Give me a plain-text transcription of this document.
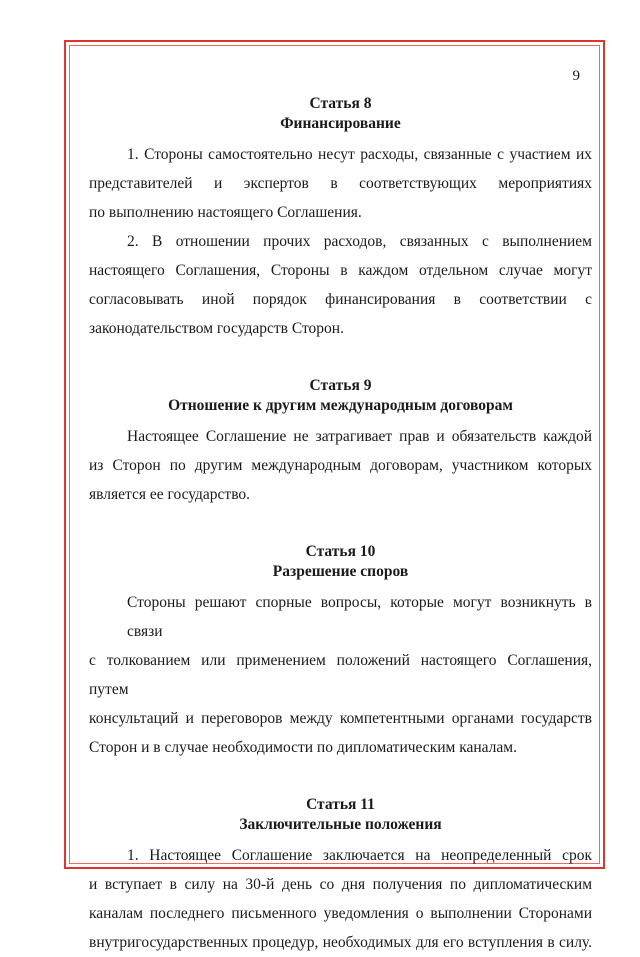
9

Статья 8

Финансирование

1. Стороны самостоятельно несут расходы, связанные с участием их
представителей и экспертов в соответствующих мероприятиях
по выполнению настоящего Соглашения.

2. В отношении прочих расходов, связанных с выполнением
настоящего Соглашения, Стороны в каждом отдельном случае могут
согласовывать иной порядок финансирования в соответствии с
законодательством государств Сторон.

Статья 9

Отношение к другим международным договорам

Настоящее Соглашение не затрагивает прав и обязательств каждой
из Сторон по другим международным договорам, участником которых
является ее государство.

Статья 10

Разрешение споров

Стороны решают спорные вопросы, которые могут возникнуть в связи
с толкованием или применением положений настоящего Соглашения, путем
консультаций и переговоров между компетентными органами государств
Сторон и в случае необходимости по дипломатическим каналам.

Статья 11

Заключительные положения

1. Настоящее Соглашение заключается на неопределенный срок
и вступает в силу на 30-й день со дня получения по дипломатическим
каналам последнего письменного уведомления о выполнении Сторонами
внутригосударственных процедур, необходимых для его вступления в силу.
